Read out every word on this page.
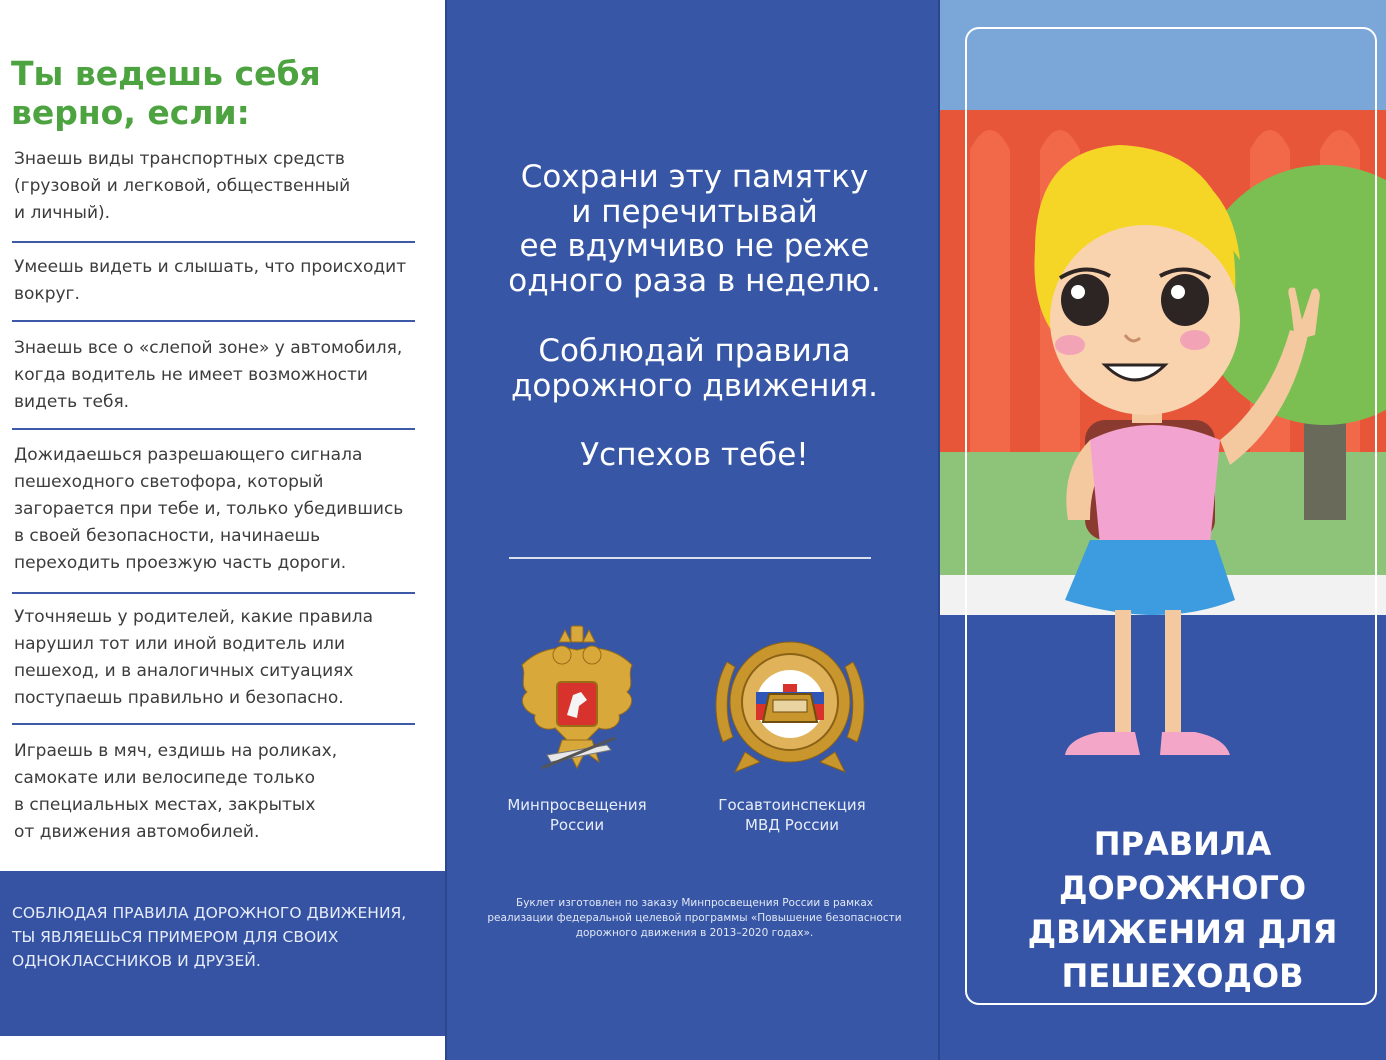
Ты ведешь себя верно, если:
Знаешь виды транспортных средств
(грузовой и легковой, общественный
и личный).
Умеешь видеть и слышать, что происходит
вокруг.
Знаешь все о «слепой зоне» у автомобиля,
когда водитель не имеет возможности
видеть тебя.
Дожидаешься разрешающего сигнала
пешеходного светофора, который
загорается при тебе и, только убедившись
в своей безопасности, начинаешь
переходить проезжую часть дороги.
Уточняешь у родителей, какие правила
нарушил тот или иной водитель или
пешеход, и в аналогичных ситуациях
поступаешь правильно и безопасно.
Играешь в мяч, ездишь на роликах,
самокате или велосипеде только
в специальных местах, закрытых
от движения автомобилей.
СОБЛЮДАЯ ПРАВИЛА ДОРОЖНОГО ДВИЖЕНИЯ,
ТЫ ЯВЛЯЕШЬСЯ ПРИМЕРОМ ДЛЯ СВОИХ
ОДНОКЛАССНИКОВ И ДРУЗЕЙ.
Сохрани эту памятку
и перечитывай
ее вдумчиво не реже
одного раза в неделю.
Соблюдай правила
дорожного движения.
Успехов тебе!
Минпросвещения
России
Госавтоинспекция
МВД России
Буклет изготовлен по заказу Минпросвещения России в рамках
реализации федеральной целевой программы «Повышение безопасности
дорожного движения в 2013–2020 годах».
ПРАВИЛА ДОРОЖНОГО
ДВИЖЕНИЯ ДЛЯ
ПЕШЕХОДОВ
